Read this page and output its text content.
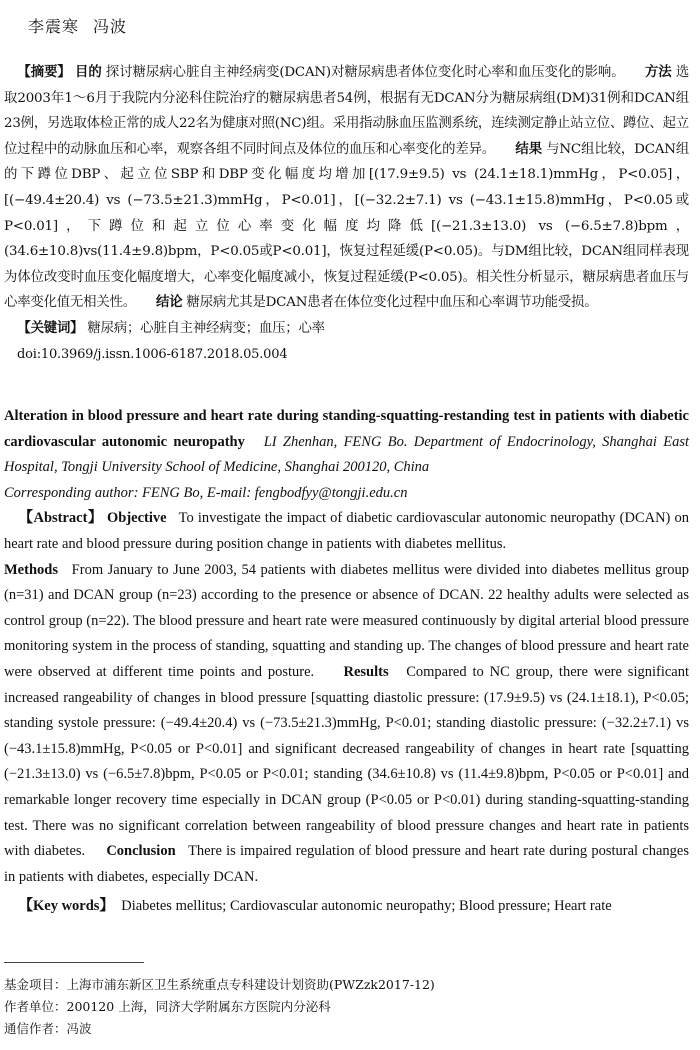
李震寒 冯波

【摘要】 目的 探讨糖尿病心脏自主神经病变(DCAN)对糖尿病患者体位变化时心率和血压变化的影响。 方法 选取2003年1～6月于我院内分泌科住院治疗的糖尿病患者54例，根据有无DCAN分为糖尿病组(DM)31例和DCAN组23例，另选取体检正常的成人22名为健康对照(NC)组。采用指动脉血压监测系统，连续测定静止站立位、蹲位、起立位过程中的动脉血压和心率，观察各组不同时间点及体位的血压和心率变化的差异。 结果 与NC组比较，DCAN组的下蹲位DBP、起立位SBP和DBP变化幅度均增加[(17.9±9.5) vs (24.1±18.1)mmHg，P<0.05]，[(−49.4±20.4) vs (−73.5±21.3)mmHg，P<0.01]，[(−32.2±7.1) vs (−43.1±15.8)mmHg，P<0.05或P<0.01]，下蹲位和起立位心率变化幅度均降低[(−21.3±13.0) vs (−6.5±7.8)bpm，(34.6±10.8)vs(11.4±9.8)bpm，P<0.05或P<0.01]，恢复过程延缓(P<0.05)。与DM组比较，DCAN组同样表现为体位改变时血压变化幅度增大，心率变化幅度减小，恢复过程延缓(P<0.05)。相关性分析显示，糖尿病患者血压与心率变化值无相关性。 结论 糖尿病尤其是DCAN患者在体位变化过程中血压和心率调节功能受损。

【关键词】 糖尿病；心脏自主神经病变；血压；心率

doi:10.3969/j.issn.1006-6187.2018.05.004

Alteration in blood pressure and heart rate during standing-squatting-restanding test in patients with diabetic cardiovascular autonomic neuropathy LI Zhenhan, FENG Bo. Department of Endocrinology, Shanghai East Hospital, Tongji University School of Medicine, Shanghai 200120, China

Corresponding author: FENG Bo, E-mail: fengbodfyy@tongji.edu.cn

【Abstract】 Objective To investigate the impact of diabetic cardiovascular autonomic neuropathy (DCAN) on heart rate and blood pressure during position change in patients with diabetes mellitus.

Methods From January to June 2003, 54 patients with diabetes mellitus were divided into diabetes mellitus group (n=31) and DCAN group (n=23) according to the presence or absence of DCAN. 22 healthy adults were selected as control group (n=22). The blood pressure and heart rate were measured continuously by digital arterial blood pressure monitoring system in the process of standing, squatting and standing up. The changes of blood pressure and heart rate were observed at different time points and posture. Results Compared to NC group, there were significant increased rangeability of changes in blood pressure [squatting diastolic pressure: (17.9±9.5) vs (24.1±18.1), P<0.05; standing systole pressure: (−49.4±20.4) vs (−73.5±21.3)mmHg, P<0.01; standing diastolic pressure: (−32.2±7.1) vs (−43.1±15.8)mmHg, P<0.05 or P<0.01] and significant decreased rangeability of changes in heart rate [squatting (−21.3±13.0) vs (−6.5±7.8)bpm, P<0.05 or P<0.01; standing (34.6±10.8) vs (11.4±9.8)bpm, P<0.05 or P<0.01] and remarkable longer recovery time especially in DCAN group (P<0.05 or P<0.01) during standing-squatting-standing test. There was no significant correlation between rangeability of blood pressure changes and heart rate in patients with diabetes. Conclusion There is impaired regulation of blood pressure and heart rate during postural changes in patients with diabetes, especially DCAN.

【Key words】 Diabetes mellitus; Cardiovascular autonomic neuropathy; Blood pressure; Heart rate

基金项目：上海市浦东新区卫生系统重点专科建设计划资助(PWZzk2017-12)

作者单位：200120 上海，同济大学附属东方医院内分泌科

通信作者：冯波
